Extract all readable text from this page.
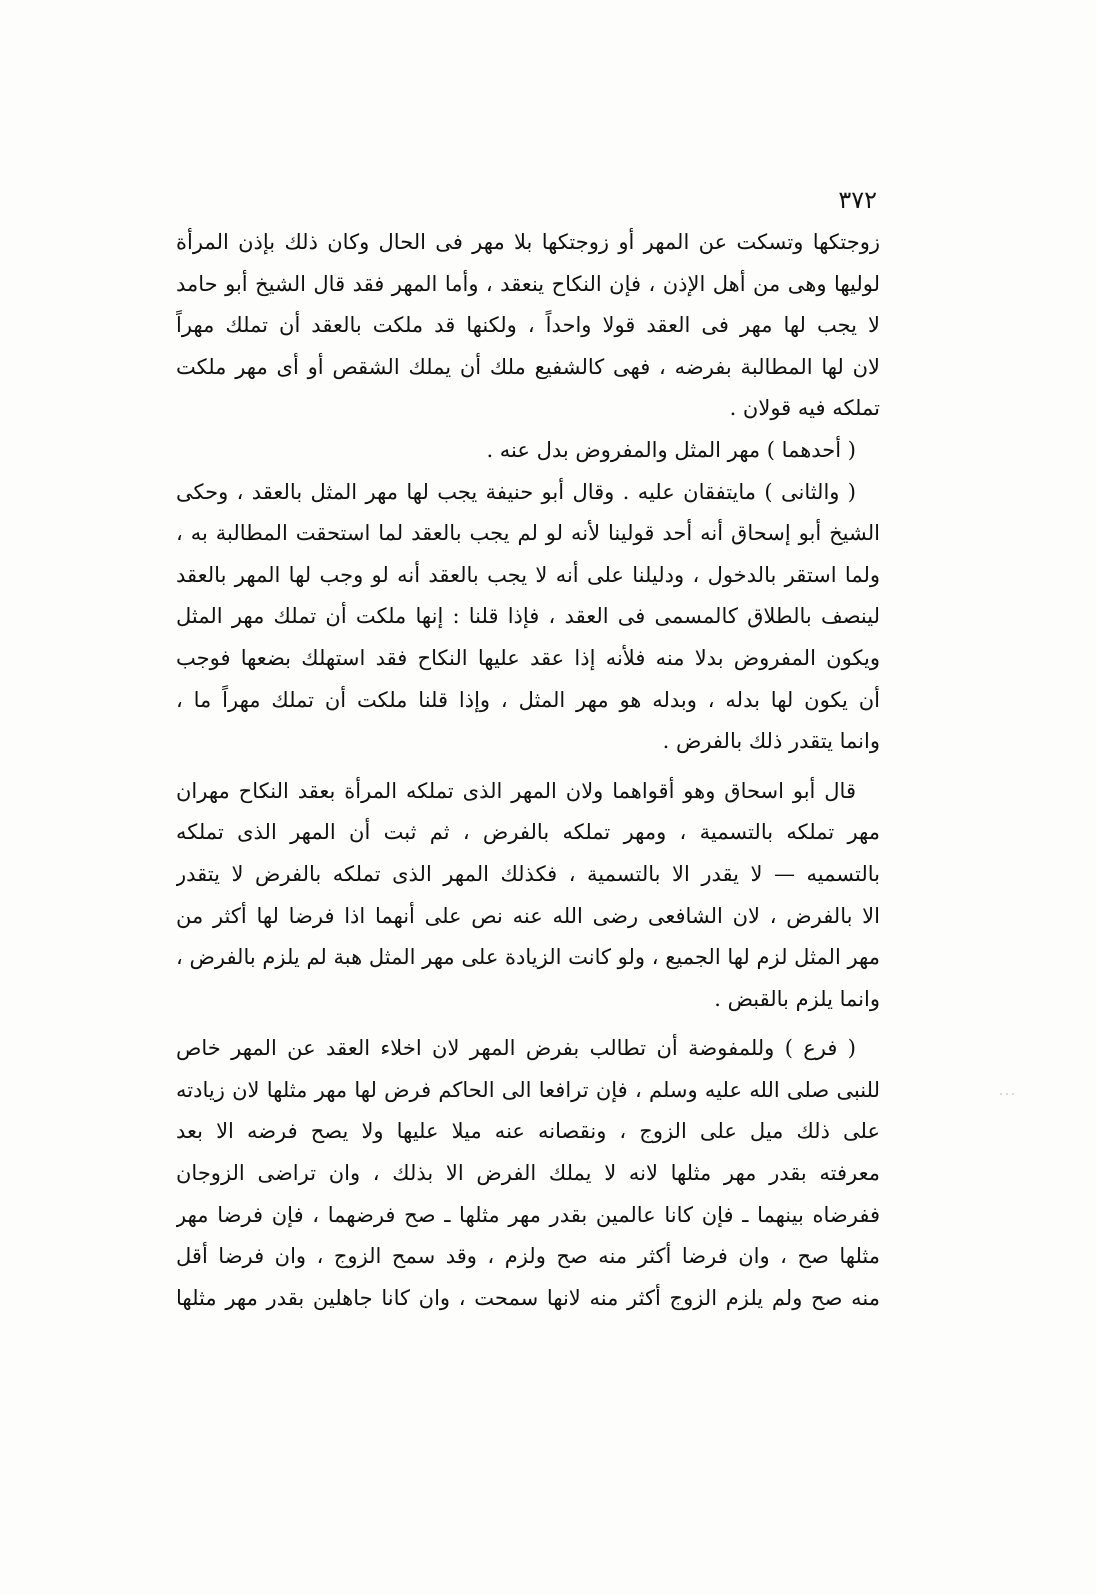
٣٧٢
زوجتكها وتسكت عن المهر أو زوجتكها بلا مهر فى الحال وكان ذلك بإذن المرأة
لوليها وهى من أهل الإذن ، فإن النكاح ينعقد ، وأما المهر فقد قال الشيخ أبو حامد
لا يجب لها مهر فى العقد قولا واحداً ، ولكنها قد ملكت بالعقد أن تملك مهراً
لان لها المطالبة بفرضه ، فهى كالشفيع ملك أن يملك الشقص أو أى مهر ملكت
تملكه فيه قولان .
( أحدهما ) مهر المثل والمفروض بدل عنه .
( والثانى ) مايتفقان عليه . وقال أبو حنيفة يجب لها مهر المثل بالعقد ، وحكى
الشيخ أبو إسحاق أنه أحد قولينا لأنه لو لم يجب بالعقد لما استحقت المطالبة به ،
ولما استقر بالدخول ، ودليلنا على أنه لا يجب بالعقد أنه لو وجب لها المهر بالعقد
لينصف بالطلاق كالمسمى فى العقد ، فإذا قلنا : إنها ملكت أن تملك مهر المثل
ويكون المفروض بدلا منه فلأنه إذا عقد عليها النكاح فقد استهلك بضعها فوجب
أن يكون لها بدله ، وبدله هو مهر المثل ، وإذا قلنا ملكت أن تملك مهراً ما ،
وانما يتقدر ذلك بالفرض .
قال أبو اسحاق وهو أقواهما ولان المهر الذى تملكه المرأة بعقد النكاح مهران
مهر تملكه بالتسمية ، ومهر تملكه بالفرض ، ثم ثبت أن المهر الذى تملكه
بالتسميه — لا يقدر الا بالتسمية ، فكذلك المهر الذى تملكه بالفرض لا يتقدر
الا بالفرض ، لان الشافعى رضى الله عنه نص على أنهما اذا فرضا لها أكثر من
مهر المثل لزم لها الجميع ، ولو كانت الزيادة على مهر المثل هبة لم يلزم بالفرض ،
وانما يلزم بالقبض .
( فرع ) وللمفوضة أن تطالب بفرض المهر لان اخلاء العقد عن المهر خاص
للنبى صلى الله عليه وسلم ، فإن ترافعا الى الحاكم فرض لها مهر مثلها لان زيادته
على ذلك ميل على الزوج ، ونقصانه عنه ميلا عليها ولا يصح فرضه الا بعد
معرفته بقدر مهر مثلها لانه لا يملك الفرض الا بذلك ، وان تراضى الزوجان
ففرضاه بينهما ـ فإن كانا عالمين بقدر مهر مثلها ـ صح فرضهما ، فإن فرضا مهر
مثلها صح ، وان فرضا أكثر منه صح ولزم ، وقد سمح الزوج ، وان فرضا أقل
منه صح ولم يلزم الزوج أكثر منه لانها سمحت ، وان كانا جاهلين بقدر مهر مثلها
